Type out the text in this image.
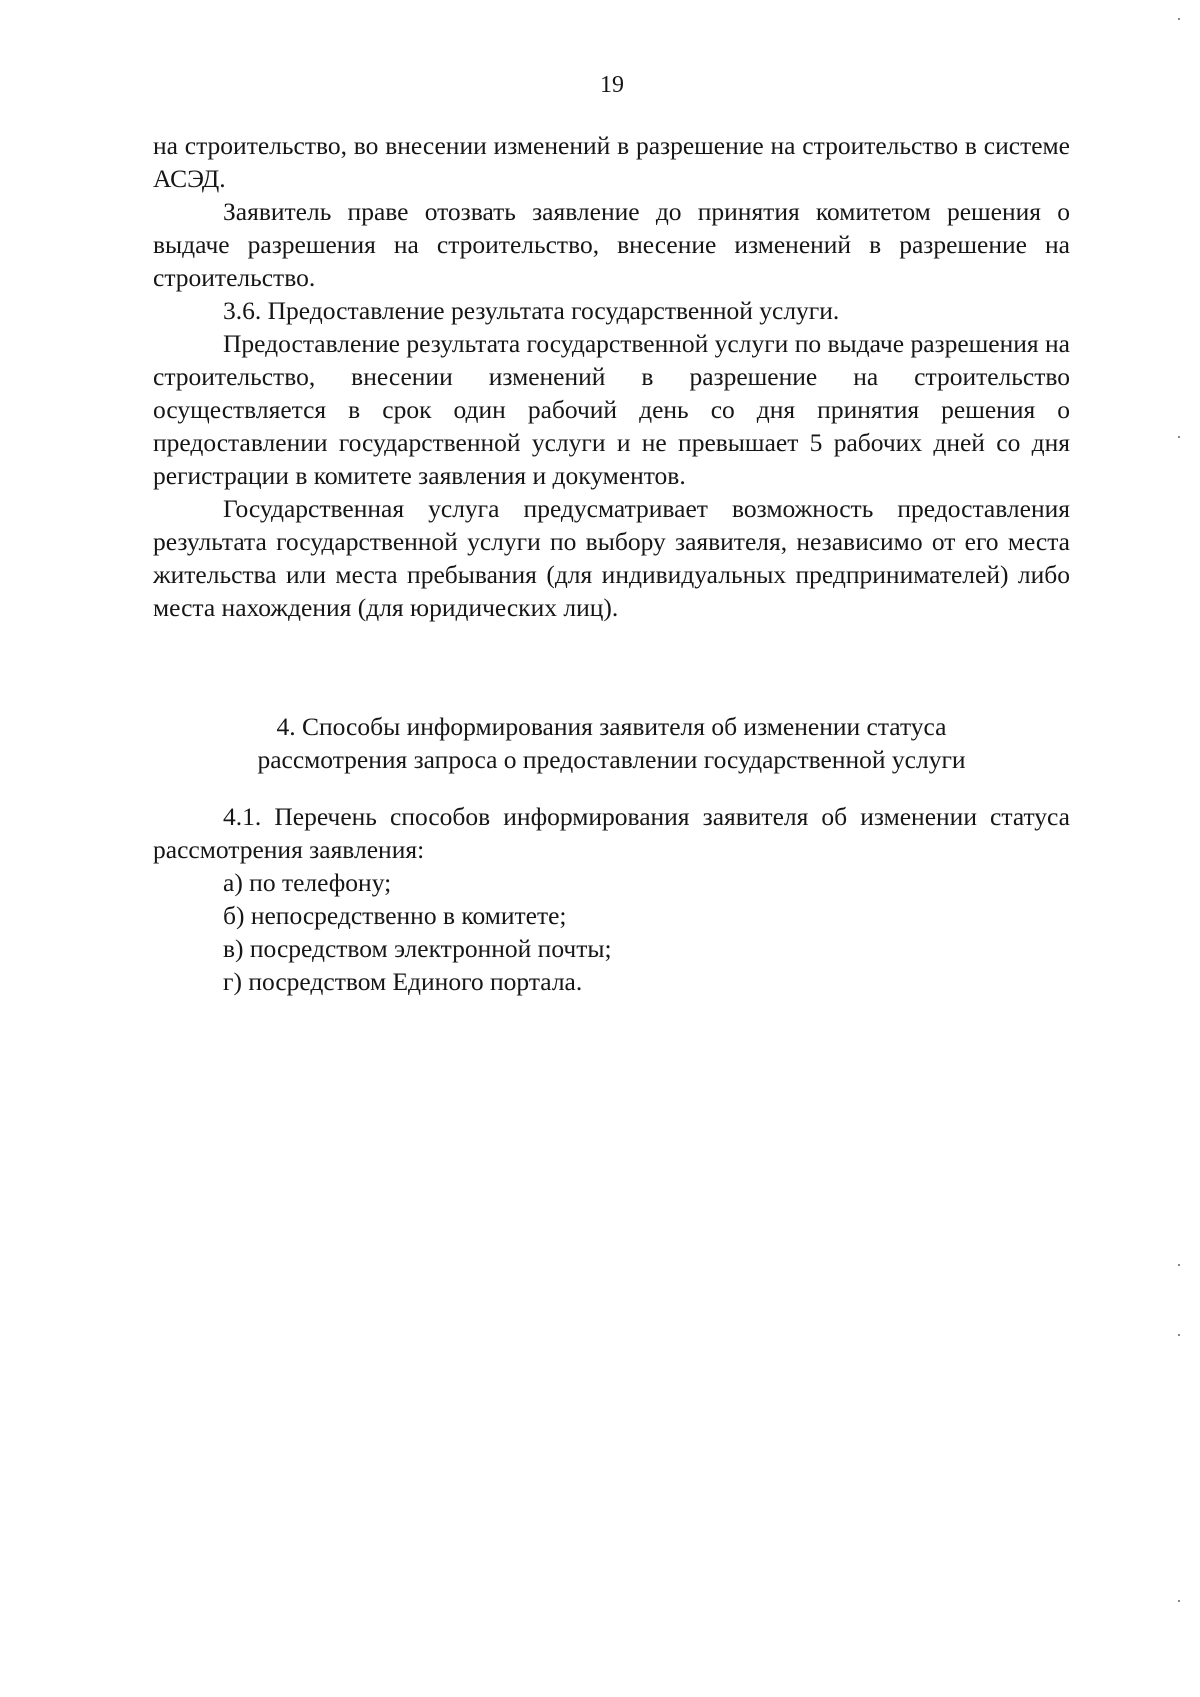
19

на строительство, во внесении изменений в разрешение на строительство в системе АСЭД.

Заявитель праве отозвать заявление до принятия комитетом решения о выдаче разрешения на строительство, внесение изменений в разрешение на строительство.

3.6. Предоставление результата государственной услуги.

Предоставление результата государственной услуги по выдаче разрешения на строительство, внесении изменений в разрешение на строительство осуществляется в срок один рабочий день со дня принятия решения о предоставлении государственной услуги и не превышает 5 рабочих дней со дня регистрации в комитете заявления и документов.

Государственная услуга предусматривает возможность предоставления результата государственной услуги по выбору заявителя, независимо от его места жительства или места пребывания (для индивидуальных предпринимателей) либо места нахождения (для юридических лиц).

4. Способы информирования заявителя об изменении статуса
рассмотрения запроса о предоставлении государственной услуги

4.1. Перечень способов информирования заявителя об изменении статуса рассмотрения заявления:

а) по телефону;

б) непосредственно в комитете;

в) посредством электронной почты;

г) посредством Единого портала.
